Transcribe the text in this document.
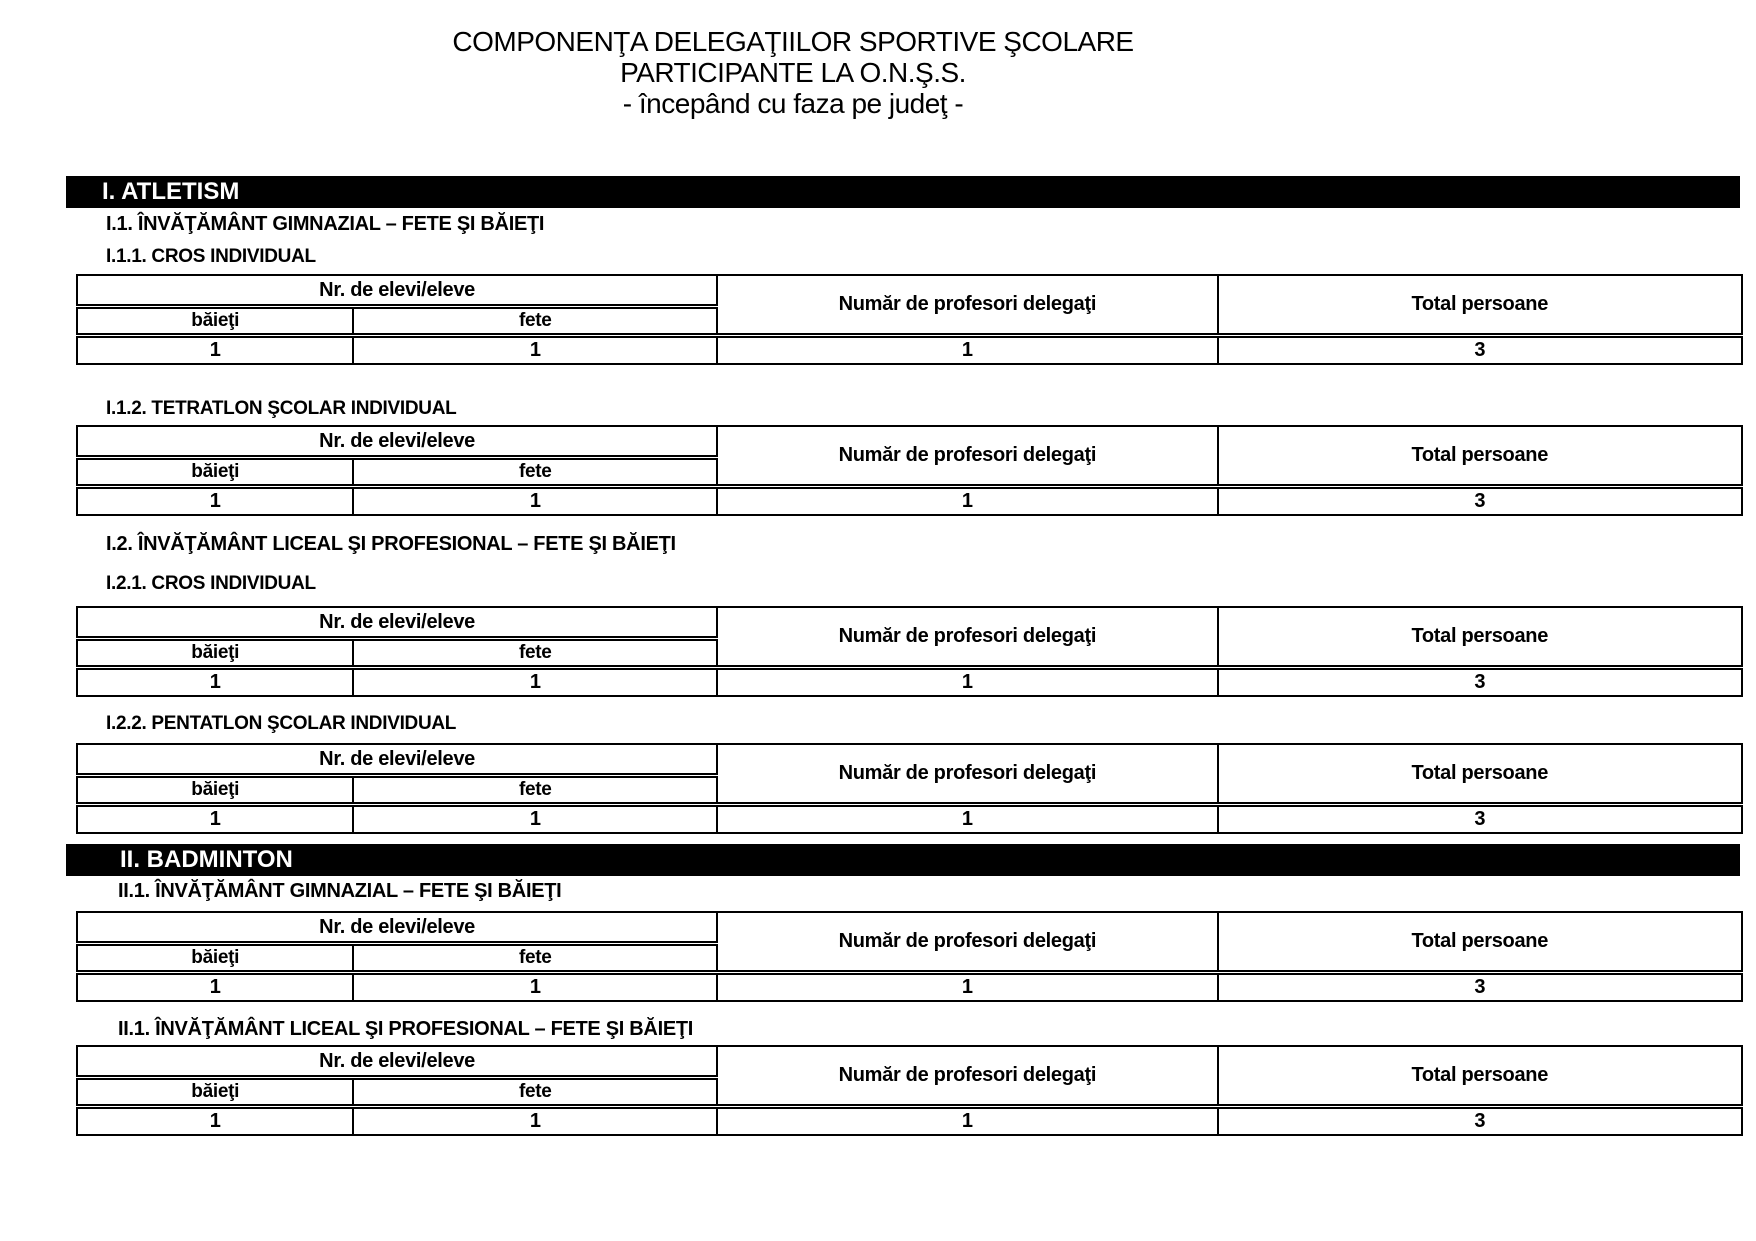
COMPONENŢA DELEGAŢIILOR SPORTIVE ŞCOLARE
PARTICIPANTE LA O.N.Ş.S.
- începând cu faza pe judeţ -
I. ATLETISM
I.1. ÎNVĂŢĂMÂNT GIMNAZIAL – FETE ŞI BĂIEŢI
I.1.1. CROS INDIVIDUAL
Nr. de elevi/eleve		Număr de profesori delegaţi	Total persoane
băieţi	fete		
1	1	1	3
I.1.2. TETRATLON ŞCOLAR INDIVIDUAL
Nr. de elevi/eleve		Număr de profesori delegaţi	Total persoane
băieţi	fete		
1	1	1	3
I.2. ÎNVĂŢĂMÂNT LICEAL ŞI PROFESIONAL – FETE ŞI BĂIEŢI
I.2.1. CROS INDIVIDUAL
Nr. de elevi/eleve		Număr de profesori delegaţi	Total persoane
băieţi	fete		
1	1	1	3
I.2.2. PENTATLON ŞCOLAR INDIVIDUAL
Nr. de elevi/eleve		Număr de profesori delegaţi	Total persoane
băieţi	fete		
1	1	1	3
II. BADMINTON
II.1. ÎNVĂŢĂMÂNT GIMNAZIAL – FETE ŞI BĂIEŢI
Nr. de elevi/eleve		Număr de profesori delegaţi	Total persoane
băieţi	fete		
1	1	1	3
II.1. ÎNVĂŢĂMÂNT LICEAL ŞI PROFESIONAL – FETE ŞI BĂIEŢI
Nr. de elevi/eleve		Număr de profesori delegaţi	Total persoane
băieţi	fete		
1	1	1	3
